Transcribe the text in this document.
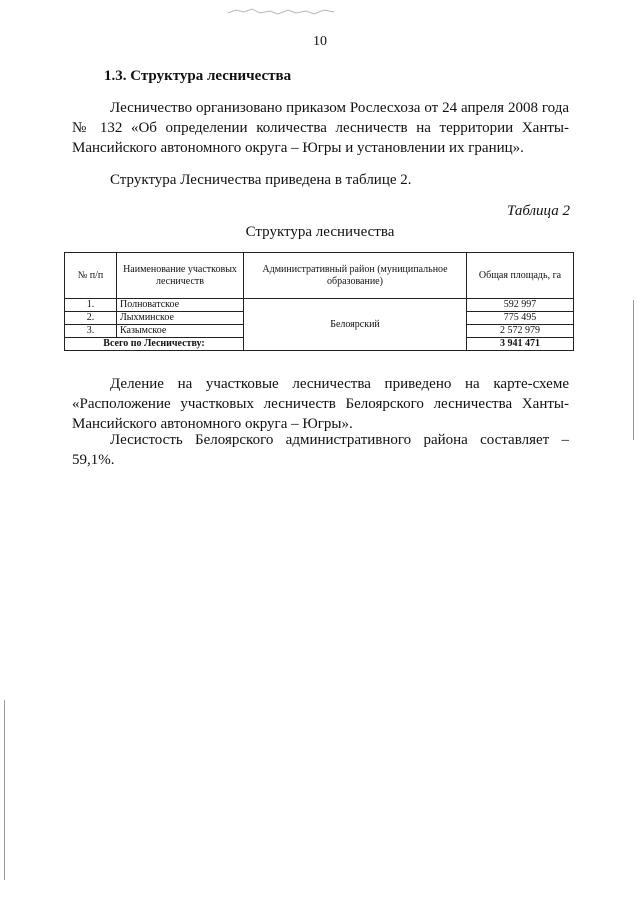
10
1.3. Структура лесничества
Лесничество организовано приказом Рослесхоза от 24 апреля 2008 года № 132 «Об определении количества лесничеств на территории Ханты-Мансийского автономного округа – Югры и установлении их границ».
Структура Лесничества приведена в таблице 2.
Таблица 2
Структура лесничества
№ п/п	Наименование участковых лесничеств	Административный район (муниципальное образование)	Общая площадь, га
1.	Полноватское	Белоярский	592 997
2.	Лыхминское		775 495
3.	Казымское		2 572 979
Всего по Лесничеству:			3 941 471
Деление на участковые лесничества приведено на карте-схеме «Расположение участковых лесничеств Белоярского лесничества Ханты-Мансийского автономного округа – Югры».
Лесистость Белоярского административного района составляет – 59,1%.
